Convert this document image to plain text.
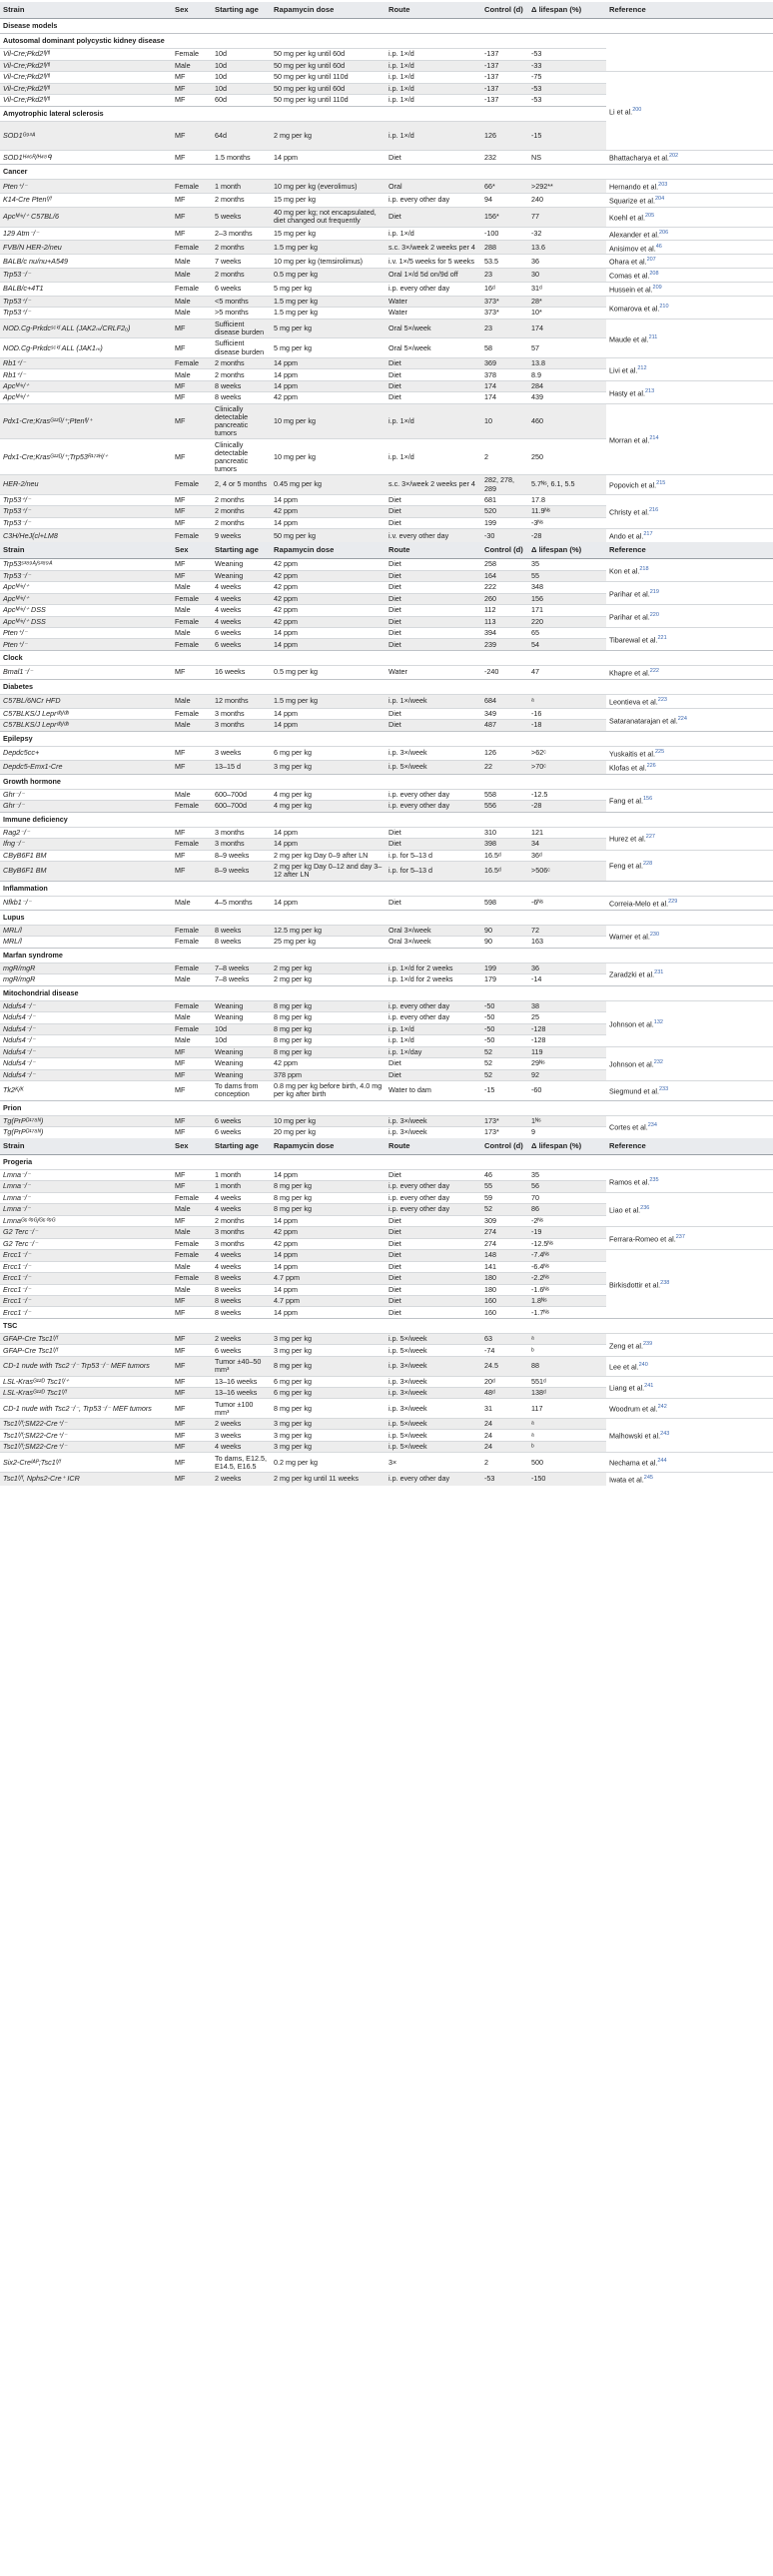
Strain	Sex	Starting age	Rapamycin dose	Route	Control (d)	Δ lifespan (%)	Reference	
Disease models								
Autosomal dominant polycystic kidney disease								
Vil-Cre;Pkd2ᶠˡ/ᶠˡ	Female	10d	50 mg per kg until 60d	i.p. 1×/d	-137	-53		
Vil-Cre;Pkd2ᶠˡ/ᶠˡ	Male	10d	50 mg per kg until 60d	i.p. 1×/d	-137	-33		
Vil-Cre;Pkd2ᶠˡ/ᶠˡ	MF	10d	50 mg per kg until 110d	i.p. 1×/d	-137	-75	Li et al.$^{200}$
Vil-Cre;Pkd2ᶠˡ/ᶠˡ	MF	10d	50 mg per kg until 60d	i.p. 1×/d	-137	-53		
Vil-Cre;Pkd2ᶠˡ/ᶠˡ	MF	60d	50 mg per kg until 110d	i.p. 1×/d	-137	-53		
Amyotrophic lateral sclerosis								
SOD1ᴳ⁹³ᴬ	MF	64d	2 mg per kg	i.p. 1×/d	126	-15	
SOD1ᴴ⁴⁶ᴿ/ᴴ⁴⁸ᑫ	MF	1.5 months	14 ppm	Diet	232	NS	Bhattacharya et al.$^{202}$
Cancer								
Pten⁺/⁻	Female	1 month	10 mg per kg (everolimus)	Oral	66*	>292**	Hernando et al.$^{203}$
K14-Cre Ptenᶠ/ᶠ	MF	2 months	15 mg per kg	i.p. every other day	94	240	Squarize et al.$^{204}$
Apcᴹⁱⁿ/⁺ C57BL/6	MF	5 weeks	40 mg per kg; not encapsulated, diet changed out frequently	Diet	156*	77	Koehl et al.$^{205}$
129 Atm⁻/⁻	MF	2–3 months	15 mg per kg	i.p. 1×/d	-100	-32	Alexander et al.$^{206}$
FVB/N HER-2/neu	Female	2 months	1.5 mg per kg	s.c. 3×/week 2 weeks per 4	288	13.6	Anisimov et al.$^{46}$
BALB/c nu/nu+A549	Male	7 weeks	10 mg per kg (temsirolimus)	i.v. 1×/5 weeks for 5 weeks	53.5	36	Ohara et al.$^{207}$
Trp53⁻/⁻	Male	2 months	0.5 mg per kg	Oral 1×/d 5d on/9d off	23	30	Comas et al.$^{208}$
BALB/c+4T1	Female	6 weeks	5 mg per kg	i.p. every other day	16ᵈ	31ᵈ	Hussein et al.$^{209}$
Trp53⁺/⁻	Male	<5 months	1.5 mg per kg	Water	373*	28*	Komarova et al.$^{210}$
Trp53⁺/⁻	Male	>5 months	1.5 mg per kg	Water	373*	10*		
NOD.Cg-Prkdcˢᶜⁱᵈ ALL (JAK2ₘ/CRLF2ₒ)	MF	Sufficient disease burden	5 mg per kg	Oral 5×/week	23	174	Maude et al.$^{211}$
NOD.Cg-Prkdcˢᶜⁱᵈ ALL (JAK1ₘ)	MF	Sufficient disease burden	5 mg per kg	Oral 5×/week	58	57		
Rb1⁺/⁻	Female	2 months	14 ppm	Diet	369	13.8	Livi et al.$^{212}$
Rb1⁺/⁻	Male	2 months	14 ppm	Diet	378	8.9		
Apcᴹⁱⁿ/⁺	MF	8 weeks	14 ppm	Diet	174	284	Hasty et al.$^{213}$
Apcᴹⁱⁿ/⁺	MF	8 weeks	42 ppm	Diet	174	439		
Pdx1-Cre;Krasᴳ¹²ᴰ/⁺;Ptenᶠˡ/⁺	MF	Clinically detectable pancreatic tumors	10 mg per kg	i.p. 1×/d	10	460	Morran et al.$^{214}$
Pdx1-Cre;Krasᴳ¹²ᴰ/⁺;Trp53ᴿ¹⁷²ᴴ/⁺	MF	Clinically detectable pancreatic tumors	10 mg per kg	i.p. 1×/d	2	250		
HER-2/neu	Female	2, 4 or 5 months	0.45 mg per kg	s.c. 3×/week 2 weeks per 4	282, 278, 289	5.7ᴺˢ, 6.1, 5.5	Popovich et al.$^{215}$
Trp53⁺/⁻	MF	2 months	14 ppm	Diet	681	17.8	Christy et al.$^{216}$
Trp53⁺/⁻	MF	2 months	42 ppm	Diet	520	11.9ᴺˢ		
Trp53⁻/⁻	MF	2 months	14 ppm	Diet	199	-3ᴺˢ		
C3H/HeJ(cl+LM8	Female	9 weeks	50 mg per kg	i.v. every other day	-30	-28	Ando et al.$^{217}$
Strain	Sex	Starting age	Rapamycin dose	Route	Control (d)	Δ lifespan (%)	Reference	
Trp53ˢ³⁸⁹ᴬ/ˢ³⁸⁹ᴬ	MF	Weaning	42 ppm	Diet	258	35	Kon et al.$^{218}$
Trp53⁻/⁻	MF	Weaning	42 ppm	Diet	164	55		
Apcᴹⁱⁿ/⁺	Male	4 weeks	42 ppm	Diet	222	348	Parihar et al.$^{219}$
Apcᴹⁱⁿ/⁺	Female	4 weeks	42 ppm	Diet	260	156		
Apcᴹⁱⁿ/⁺ DSS	Male	4 weeks	42 ppm	Diet	112	171	Parihar et al.$^{220}$
Apcᴹⁱⁿ/⁺ DSS	Female	4 weeks	42 ppm	Diet	113	220		
Pten⁺/⁻	Male	6 weeks	14 ppm	Diet	394	65	Tibarewal et al.$^{221}$
Pten⁺/⁻	Female	6 weeks	14 ppm	Diet	239	54		
Clock								
Bmal1⁻/⁻	MF	16 weeks	0.5 mg per kg	Water	-240	47	Khapre et al.$^{222}$
Diabetes								
C57BL/6NCr HFD	Male	12 months	1.5 mg per kg	i.p. 1×/week	684	ᵃ	Leontieva et al.$^{223}$
C57BLKS/J Leprᵈᵇ/ᵈᵇ	Female	3 months	14 ppm	Diet	349	-16	Sataranatarajan et al.$^{224}$
C57BLKS/J Leprᵈᵇ/ᵈᵇ	Male	3 months	14 ppm	Diet	487	-18		
Epilepsy								
Depdc5cc+	MF	3 weeks	6 mg per kg	i.p. 3×/week	126	>62ᶜ	Yuskaitis et al.$^{225}$
Depdc5-Emx1-Cre	MF	13–15 d	3 mg per kg	i.p. 5×/week	22	>70ᶜ	Klofas et al.$^{226}$
Growth hormone								
Ghr⁻/⁻	Male	600–700d	4 mg per kg	i.p. every other day	558	-12.5	Fang et al.$^{156}$
Ghr⁻/⁻	Female	600–700d	4 mg per kg	i.p. every other day	556	-28		
Immune deficiency								
Rag2⁻/⁻	MF	3 months	14 ppm	Diet	310	121	Hurez et al.$^{227}$
Ifng⁻/⁻	Female	3 months	14 ppm	Diet	398	34		
CByB6F1 BM	MF	8–9 weeks	2 mg per kg Day 0–9 after LN	i.p. for 5–13 d	16.5ᵈ	36ᵈ	Feng et al.$^{228}$
CByB6F1 BM	MF	8–9 weeks	2 mg per kg Day 0–12 and day 3–12 after LN	i.p. for 5–13 d	16.5ᵈ	>506ᶜ		
Inflammation								
Nfkb1⁻/⁻	Male	4–5 months	14 ppm	Diet	598	-6ᴺˢ	Correia-Melo et al.$^{229}$
Lupus								
MRL/l	Female	8 weeks	12.5 mg per kg	Oral 3×/week	90	72	Warner et al.$^{230}$
MRL/l	Female	8 weeks	25 mg per kg	Oral 3×/week	90	163		
Marfan syndrome								
mgR/mgR	Female	7–8 weeks	2 mg per kg	i.p. 1×/d for 2 weeks	199	36	Zaradzki et al.$^{231}$
mgR/mgR	Male	7–8 weeks	2 mg per kg	i.p. 1×/d for 2 weeks	179	-14		
Mitochondrial disease								
Ndufs4⁻/⁻	Female	Weaning	8 mg per kg	i.p. every other day	-50	38	Johnson et al.$^{132}$
Ndufs4⁻/⁻	Male	Weaning	8 mg per kg	i.p. every other day	-50	25		
Ndufs4⁻/⁻	Female	10d	8 mg per kg	i.p. 1×/d	-50	-128		
Ndufs4⁻/⁻	Male	10d	8 mg per kg	i.p. 1×/d	-50	-128		
Ndufs4⁻/⁻	MF	Weaning	8 mg per kg	i.p. 1×/day	52	119	Johnson et al.$^{232}$
Ndufs4⁻/⁻	MF	Weaning	42 ppm	Diet	52	29ᴺˢ		
Ndufs4⁻/⁻	MF	Weaning	378 ppm	Diet	52	92		
Tk2ᴷ/ᴷ	MF	To dams from conception	0.8 mg per kg before birth, 4.0 mg per kg after birth	Water to dam	-15	-60	Siegmund et al.$^{233}$
Prion								
Tg(PrPᴰ¹⁷⁸ᴺ)	MF	6 weeks	10 mg per kg	i.p. 3×/week	173*	1ᴺˢ	Cortes et al.$^{234}$
Tg(PrPᴰ¹⁷⁸ᴺ)	MF	6 weeks	20 mg per kg	i.p. 3×/week	173*	9		
Strain	Sex	Starting age	Rapamycin dose	Route	Control (d)	Δ lifespan (%)	Reference	
Progeria								
Lmna⁻/⁻	MF	1 month	14 ppm	Diet	46	35	Ramos et al.$^{235}$
Lmna⁻/⁻	MF	1 month	8 mg per kg	i.p. every other day	55	56		
Lmna⁻/⁻	Female	4 weeks	8 mg per kg	i.p. every other day	59	70	Liao et al.$^{236}$
Lmna⁻/⁻	Male	4 weeks	8 mg per kg	i.p. every other day	52	86		
Lmnaᴳ⁶⁰⁹ᴳ/ᴳ⁶⁰⁹ᴳ	MF	2 months	14 ppm	Diet	309	-2ᴺˢ		
G2 Terc⁻/⁻	Male	3 months	42 ppm	Diet	274	-19	Ferrara-Romeo et al.$^{237}$
G2 Terc⁻/⁻	Female	3 months	42 ppm	Diet	274	-12.5ᴺˢ		
Ercc1⁻/⁻	Female	4 weeks	14 ppm	Diet	148	-7.4ᴺˢ	Birkisdottir et al.$^{238}$
Ercc1⁻/⁻	Male	4 weeks	14 ppm	Diet	141	-6.4ᴺˢ		
Ercc1⁻/⁻	Female	8 weeks	4.7 ppm	Diet	180	-2.2ᴺˢ		
Ercc1⁻/⁻	Male	8 weeks	14 ppm	Diet	180	-1.6ᴺˢ		
Ercc1⁻/⁻	MF	8 weeks	4.7 ppm	Diet	160	1.8ᴺˢ		
Ercc1⁻/⁻	MF	8 weeks	14 ppm	Diet	160	-1.7ᴺˢ		
TSC								
GFAP-Cre Tsc1ᶠ/ᶠ	MF	2 weeks	3 mg per kg	i.p. 5×/week	63	ᵃ	Zeng et al.$^{239}$
GFAP-Cre Tsc1ᶠ/ᶠ	MF	6 weeks	3 mg per kg	i.p. 5×/week	-74	ᵇ		
CD-1 nude with Tsc2⁻/⁻ Trp53⁻/⁻ MEF tumors	MF	Tumor ±40–50 mm³	8 mg per kg	i.p. 3×/week	24.5	88	Lee et al.$^{240}$
LSL-Krasᴳ¹²ᴰ Tsc1ᶠ/⁺	MF	13–16 weeks	6 mg per kg	i.p. 3×/week	20ᵈ	551ᵈ	Liang et al.$^{241}$
LSL-Krasᴳ¹²ᴰ Tsc1ᶠ/ᶠ	MF	13–16 weeks	6 mg per kg	i.p. 3×/week	48ᵈ	138ᵈ		
CD-1 nude with Tsc2⁻/⁻, Trp53⁻/⁻ MEF tumors	MF	Tumor ±100 mm³	8 mg per kg	i.p. 3×/week	31	117	Woodrum et al.$^{242}$
Tsc1ᶠ/ᶠ;SM22-Cre⁺/⁻	MF	2 weeks	3 mg per kg	i.p. 5×/week	24	ᵃ	Malhowski et al.$^{243}$
Tsc1ᶠ/ᶠ;SM22-Cre⁺/⁻	MF	3 weeks	3 mg per kg	i.p. 5×/week	24	ᵃ		
Tsc1ᶠ/ᶠ;SM22-Cre⁺/⁻	MF	4 weeks	3 mg per kg	i.p. 5×/week	24	ᵇ		
Six2-Creᴵᴬᴾ;Tsc1ᶠ/ᶠ	MF	To dams, E12.5, E14.5, E16.5	0.2 mg per kg	3×	2	500	Nechama et al.$^{244}$
Tsc1ᶠ/ᶠ, Nphs2-Cre⁺ ICR	MF	2 weeks	2 mg per kg until 11 weeks	i.p. every other day	-53	-150	Iwata et al.$^{245}$
